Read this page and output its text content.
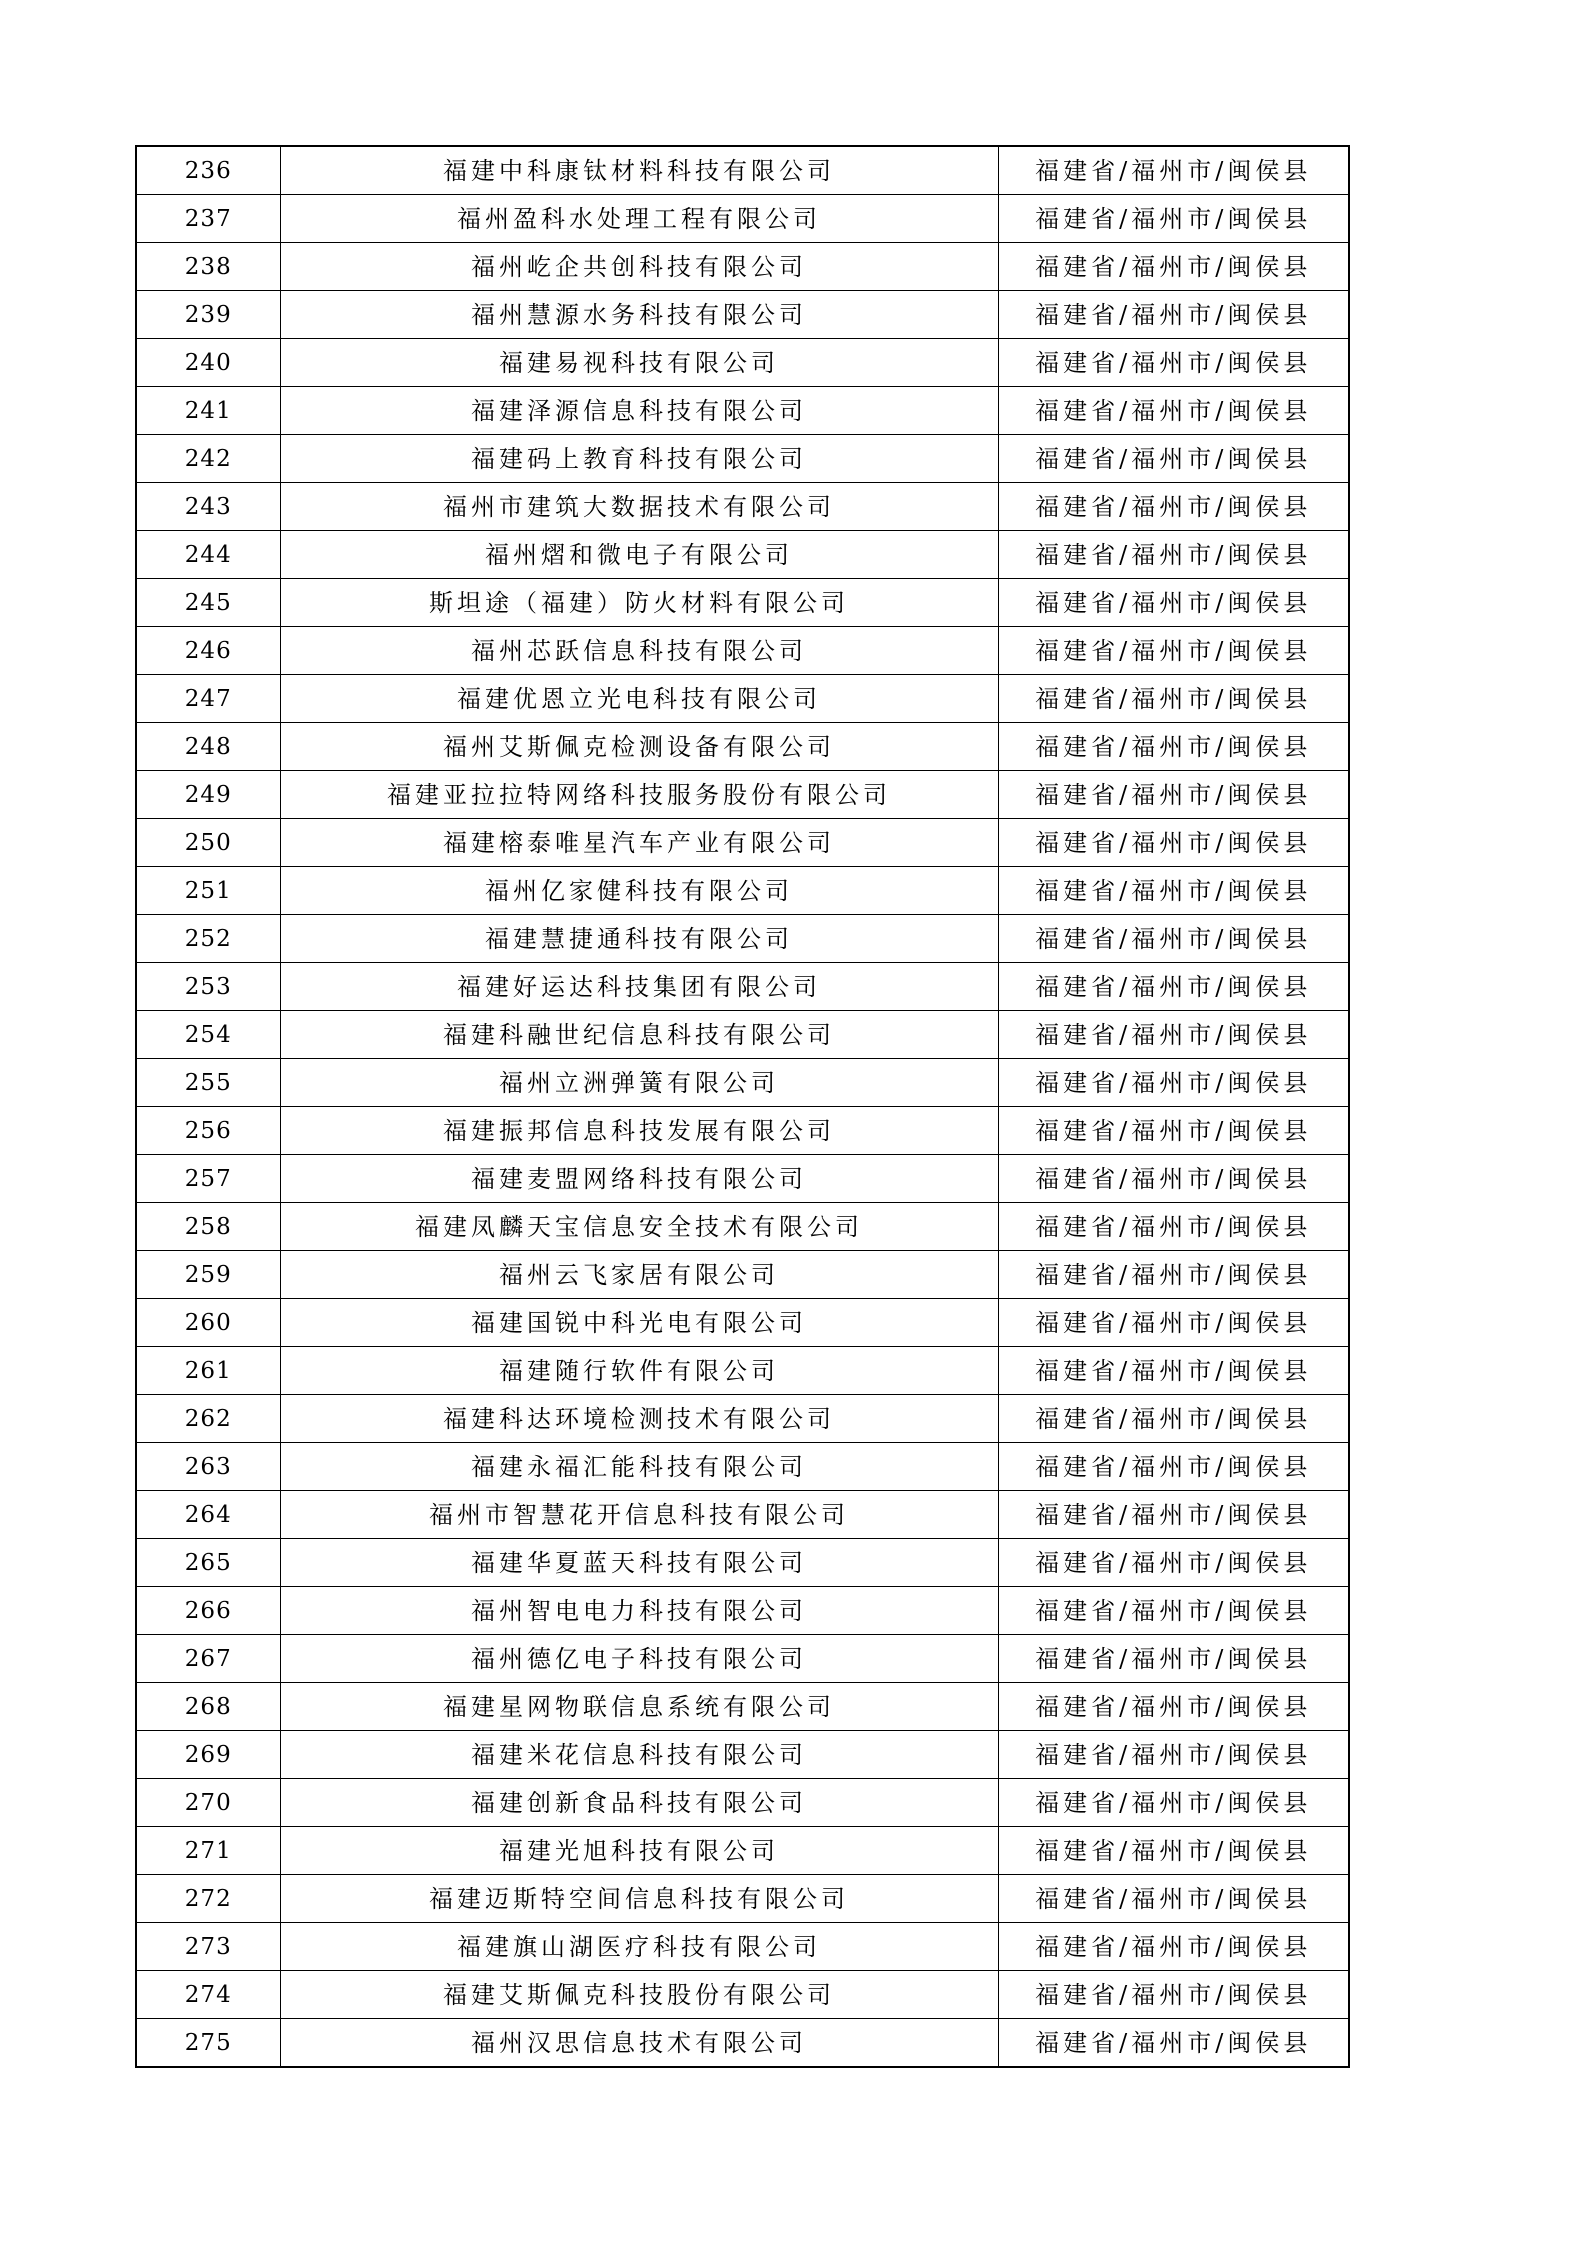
236	福建中科康钛材料科技有限公司	福建省/福州市/闽侯县
237	福州盈科水处理工程有限公司	福建省/福州市/闽侯县
238	福州屹企共创科技有限公司	福建省/福州市/闽侯县
239	福州慧源水务科技有限公司	福建省/福州市/闽侯县
240	福建易视科技有限公司	福建省/福州市/闽侯县
241	福建泽源信息科技有限公司	福建省/福州市/闽侯县
242	福建码上教育科技有限公司	福建省/福州市/闽侯县
243	福州市建筑大数据技术有限公司	福建省/福州市/闽侯县
244	福州熠和微电子有限公司	福建省/福州市/闽侯县
245	斯坦途（福建）防火材料有限公司	福建省/福州市/闽侯县
246	福州芯跃信息科技有限公司	福建省/福州市/闽侯县
247	福建优恩立光电科技有限公司	福建省/福州市/闽侯县
248	福州艾斯佩克检测设备有限公司	福建省/福州市/闽侯县
249	福建亚拉拉特网络科技服务股份有限公司	福建省/福州市/闽侯县
250	福建榕泰唯星汽车产业有限公司	福建省/福州市/闽侯县
251	福州亿家健科技有限公司	福建省/福州市/闽侯县
252	福建慧捷通科技有限公司	福建省/福州市/闽侯县
253	福建好运达科技集团有限公司	福建省/福州市/闽侯县
254	福建科融世纪信息科技有限公司	福建省/福州市/闽侯县
255	福州立洲弹簧有限公司	福建省/福州市/闽侯县
256	福建振邦信息科技发展有限公司	福建省/福州市/闽侯县
257	福建麦盟网络科技有限公司	福建省/福州市/闽侯县
258	福建凤麟天宝信息安全技术有限公司	福建省/福州市/闽侯县
259	福州云飞家居有限公司	福建省/福州市/闽侯县
260	福建国锐中科光电有限公司	福建省/福州市/闽侯县
261	福建随行软件有限公司	福建省/福州市/闽侯县
262	福建科达环境检测技术有限公司	福建省/福州市/闽侯县
263	福建永福汇能科技有限公司	福建省/福州市/闽侯县
264	福州市智慧花开信息科技有限公司	福建省/福州市/闽侯县
265	福建华夏蓝天科技有限公司	福建省/福州市/闽侯县
266	福州智电电力科技有限公司	福建省/福州市/闽侯县
267	福州德亿电子科技有限公司	福建省/福州市/闽侯县
268	福建星网物联信息系统有限公司	福建省/福州市/闽侯县
269	福建米花信息科技有限公司	福建省/福州市/闽侯县
270	福建创新食品科技有限公司	福建省/福州市/闽侯县
271	福建光旭科技有限公司	福建省/福州市/闽侯县
272	福建迈斯特空间信息科技有限公司	福建省/福州市/闽侯县
273	福建旗山湖医疗科技有限公司	福建省/福州市/闽侯县
274	福建艾斯佩克科技股份有限公司	福建省/福州市/闽侯县
275	福州汉思信息技术有限公司	福建省/福州市/闽侯县
